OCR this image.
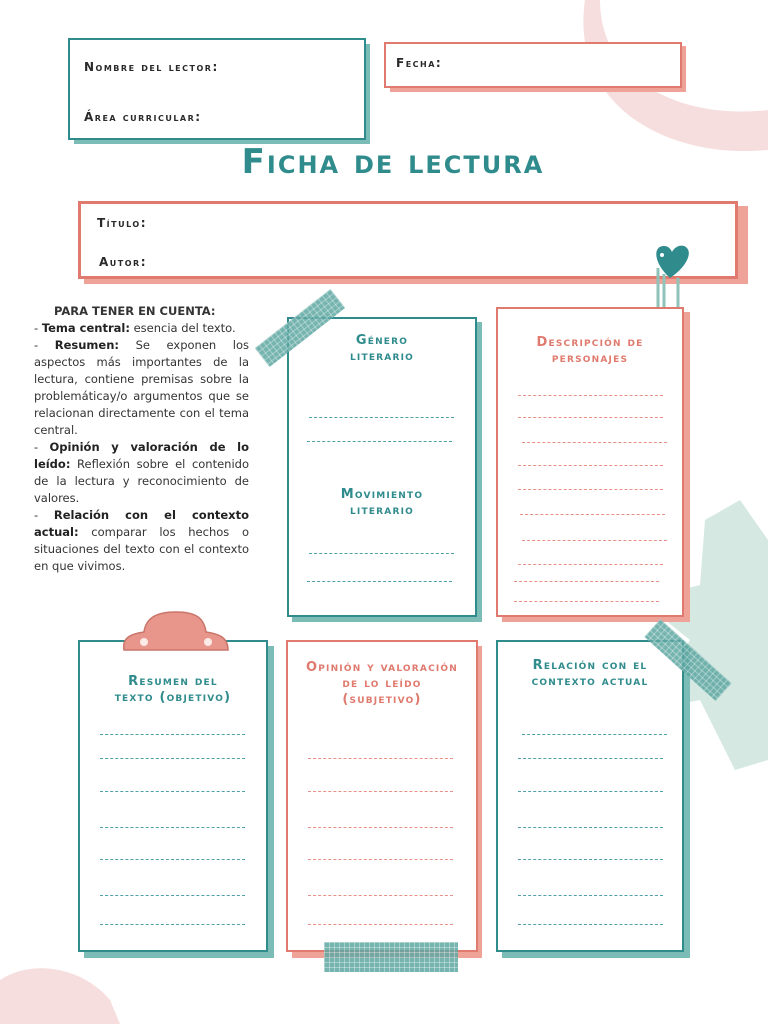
Nombre del lector:
Área curricular:
Fecha:
Ficha de lectura
Título:
Autor:

PARA TENER EN CUENTA:

- Tema central: esencia del texto.

- Resumen: Se exponen los aspectos más importantes de la lectura, contiene premisas sobre la problemáticay/o argumentos que se relacionan directamente con el tema central.

- Opinión y valoración de lo leído: Reflexión sobre el contenido de la lectura y reconocimiento de valores.

- Relación con el contexto actual: comparar los hechos o situaciones del texto con el contexto en que vivimos.

Género literario
Movimiento literario
Descripción de personajes
Resumen del texto (objetivo)
Opinión y valoración de lo leído (subjetivo)
Relación con el contexto actual
